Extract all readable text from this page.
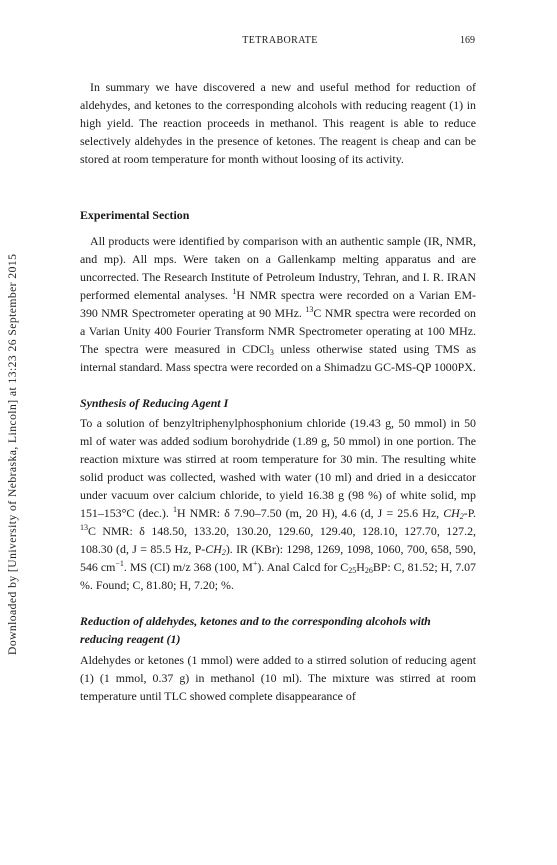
Downloaded by [University of Nebraska, Lincoln] at 13:23 26 September 2015
TETRABORATE	169

In summary we have discovered a new and useful method for reduction of aldehydes, and ketones to the corresponding alcohols with reducing reagent (1) in high yield. The reaction proceeds in methanol. This reagent is able to reduce selectively aldehydes in the presence of ketones. The reagent is cheap and can be stored at room temperature for month without loosing of its activity.

Experimental Section

All products were identified by comparison with an authentic sample (IR, NMR, and mp). All mps. Were taken on a Gallenkamp melting apparatus and are uncorrected. The Research Institute of Petroleum Industry, Tehran, and I. R. IRAN performed elemental analyses. $^1$H NMR spectra were recorded on a Varian EM-390 NMR Spectrometer operating at 90 MHz. $^{13}$C NMR spectra were recorded on a Varian Unity 400 Fourier Transform NMR Spectrometer operating at 100 MHz. The spectra were measured in CDCl$_3$ unless otherwise stated using TMS as internal standard. Mass spectra were recorded on a Shimadzu GC-MS-QP 1000PX.

Synthesis of Reducing Agent I

To a solution of benzyltriphenylphosphonium chloride (19.43 g, 50 mmol) in 50 ml of water was added sodium borohydride (1.89 g, 50 mmol) in one portion. The reaction mixture was stirred at room temperature for 30 min. The resulting white solid product was collected, washed with water (10 ml) and dried in a desiccator under vacuum over calcium chloride, to yield 16.38 g (98 %) of white solid, mp 151–153°C (dec.). $^1$H NMR: δ 7.90–7.50 (m, 20 H), 4.6 (d, J = 25.6 Hz, $CH_2-P$. $^{13}$C NMR: δ 148.50, 133.20, 130.20, 129.60, 129.40, 128.10, 127.70, 127.2, 108.30 (d, J = 85.5 Hz, $P-CH_2$). IR (KBr): 1298, 1269, 1098, 1060, 700, 658, 590, 546 $cm^{-1}$. MS (CI) m/z 368 (100, M+). Anal Calcd for $C_{25}H_{26}BP$: C, 81.52; H, 7.07 %. Found; C, 81.80; H, 7.20; %.

Reduction of aldehydes, ketones and to the corresponding alcohols with reducing reagent (1)

Aldehydes or ketones (1 mmol) were added to a stirred solution of reducing agent (1) (1 mmol, 0.37 g) in methanol (10 ml). The mixture was stirred at room temperature until TLC showed complete disappearance of
